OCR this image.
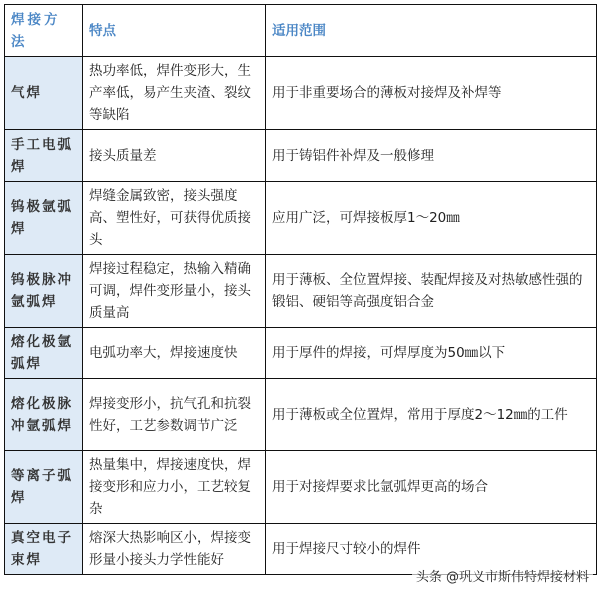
焊接方法	特点	适用范围
气焊	热功率低，焊件变形大，生产率低，易产生夹渣、裂纹等缺陷	用于非重要场合的薄板对接焊及补焊等
手工电弧焊	接头质量差	用于铸铝件补焊及一般修理
钨极氩弧焊	焊缝金属致密，接头强度高、塑性好，可获得优质接头	应用广泛，可焊接板厚1～20㎜
钨极脉冲氩弧焊	焊接过程稳定，热输入精确可调，焊件变形量小，接头质量高	用于薄板、全位置焊接、装配焊接及对热敏感性强的锻铝、硬铝等高强度铝合金
熔化极氩弧焊	电弧功率大，焊接速度快	用于厚件的焊接，可焊厚度为50㎜以下
熔化极脉冲氩弧焊	焊接变形小，抗气孔和抗裂性好，工艺参数调节广泛	用于薄板或全位置焊，常用于厚度2～12㎜的工件
等离子弧焊	热量集中，焊接速度快，焊接变形和应力小，工艺较复杂	用于对接焊要求比氩弧焊更高的场合
真空电子束焊	熔深大热影响区小，焊接变形量小接头力学性能好	用于焊接尺寸较小的焊件
头条 @巩义市斯伟特焊接材料
